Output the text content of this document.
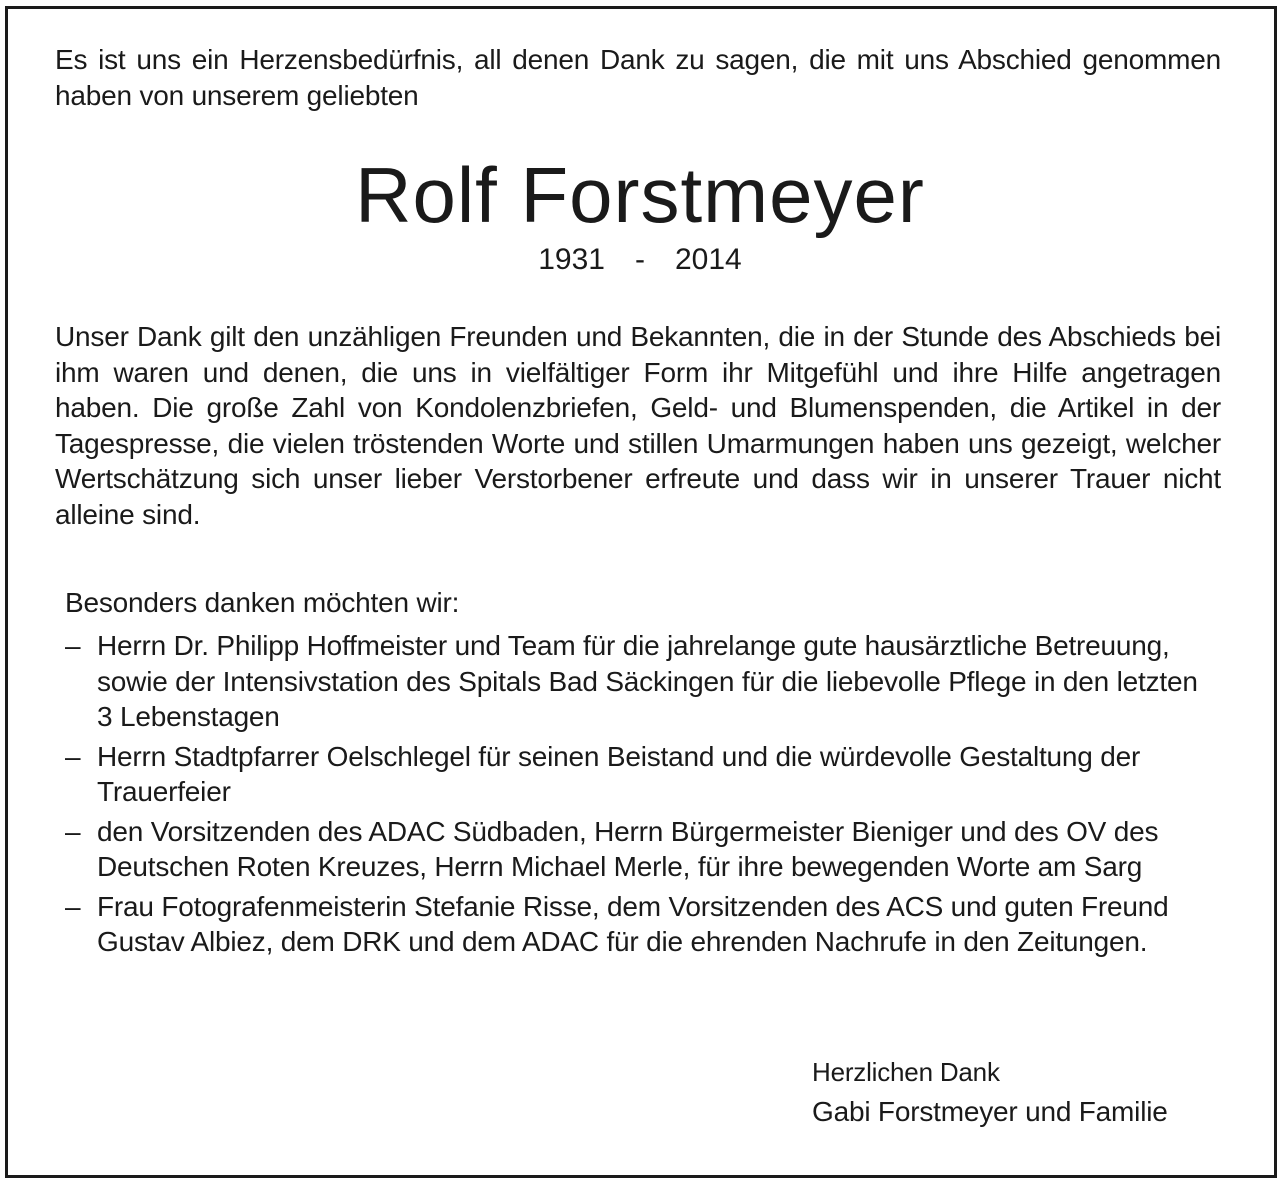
Es ist uns ein Herzensbedürfnis, all denen Dank zu sagen, die mit uns Abschied genommen haben von unserem geliebten

Rolf Forstmeyer
1931 - 2014

Unser Dank gilt den unzähligen Freunden und Bekannten, die in der Stunde des Abschieds bei ihm waren und denen, die uns in vielfältiger Form ihr Mitgefühl und ihre Hilfe angetragen haben. Die große Zahl von Kondolenzbriefen, Geld- und Blumenspenden, die Artikel in der Tagespresse, die vielen tröstenden Worte und stillen Umarmungen haben uns gezeigt, welcher Wertschätzung sich unser lieber Verstorbener erfreute und dass wir in unserer Trauer nicht alleine sind.

Besonders danken möchten wir:

– Herrn Dr. Philipp Hoffmeister und Team für die jahrelange gute hausärztliche Betreuung, sowie der Intensivstation des Spitals Bad Säckingen für die liebevolle Pflege in den letzten 3 Lebenstagen
– Herrn Stadtpfarrer Oelschlegel für seinen Beistand und die würdevolle Gestaltung der Trauerfeier
– den Vorsitzenden des ADAC Südbaden, Herrn Bürgermeister Bieniger und des OV des Deutschen Roten Kreuzes, Herrn Michael Merle, für ihre bewegenden Worte am Sarg
– Frau Fotografenmeisterin Stefanie Risse, dem Vorsitzenden des ACS und guten Freund Gustav Albiez, dem DRK und dem ADAC für die ehrenden Nachrufe in den Zeitungen.

Herzlichen Dank

Gabi Forstmeyer und Familie
